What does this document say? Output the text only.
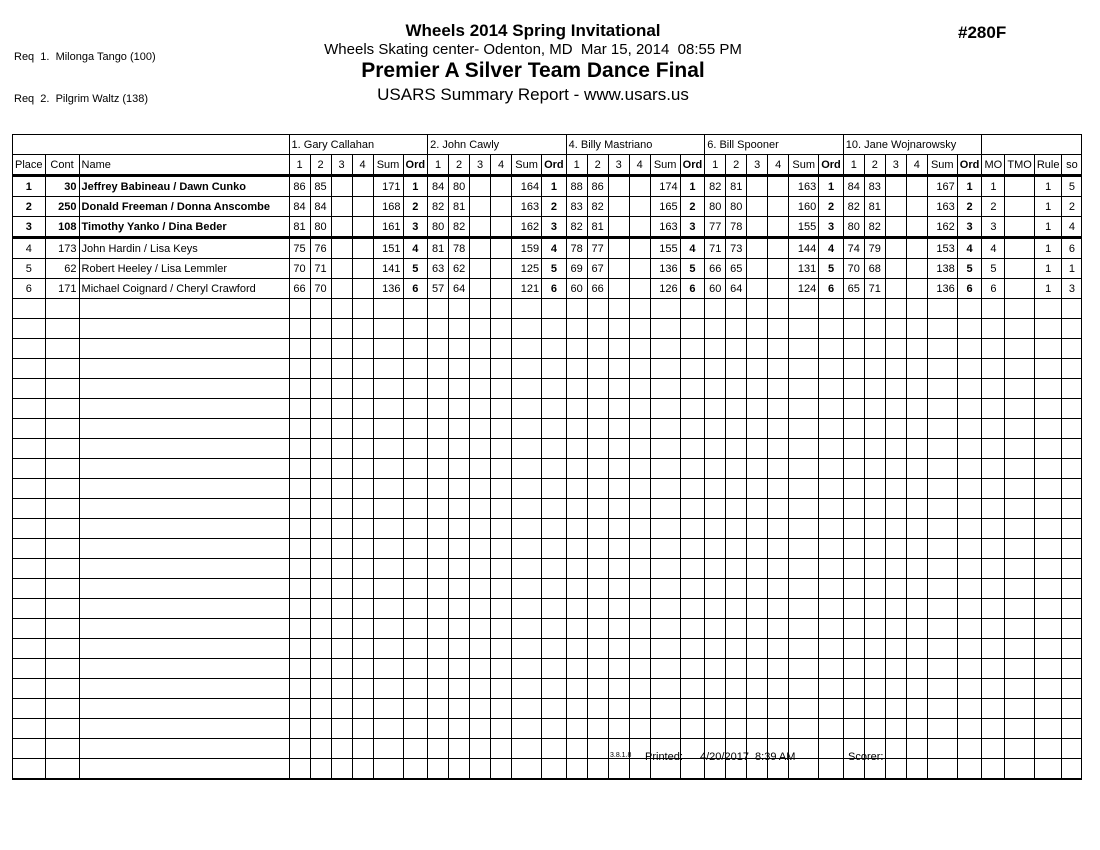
Req  1.  Milonga Tango (100)

Req  2.  Pilgrim Waltz (138)

Wheels 2014 Spring Invitational
Wheels Skating center- Odenton, MD  Mar 15, 2014  08:55 PM
Premier A Silver Team Dance Final
USARS Summary Report - www.usars.us
#280F
			1. Gary Callahan						2. John Cawly						4. Billy Mastriano						6. Bill Spooner						10. Jane Wojnarowsky									
Place	Cont	Name	1	2	3	4	Sum	Ord	1	2	3	4	Sum	Ord	1	2	3	4	Sum	Ord	1	2	3	4	Sum	Ord	1	2	3	4	Sum	Ord	MO	TMO	Rule	so
1	30	Jeffrey Babineau / Dawn Cunko	86	85			171	1	84	80			164	1	88	86			174	1	82	81			163	1	84	83			167	1	1		1	5
2	250	Donald Freeman / Donna Anscombe	84	84			168	2	82	81			163	2	83	82			165	2	80	80			160	2	82	81			163	2	2		1	2
3	108	Timothy Yanko / Dina Beder	81	80			161	3	80	82			162	3	82	81			163	3	77	78			155	3	80	82			162	3	3		1	4
4	173	John Hardin / Lisa Keys	75	76			151	4	81	78			159	4	78	77			155	4	71	73			144	4	74	79			153	4	4		1	6
5	62	Robert Heeley / Lisa Lemmler	70	71			141	5	63	62			125	5	69	67			136	5	66	65			131	5	70	68			138	5	5		1	1
6	171	Michael Coignard / Cheryl Crawford	66	70			136	6	57	64			121	6	60	66			126	6	60	64			124	6	65	71			136	6	6		1	3

3.8.1.8 Printed: 4/20/2017  8:39 AM	Scorer:
